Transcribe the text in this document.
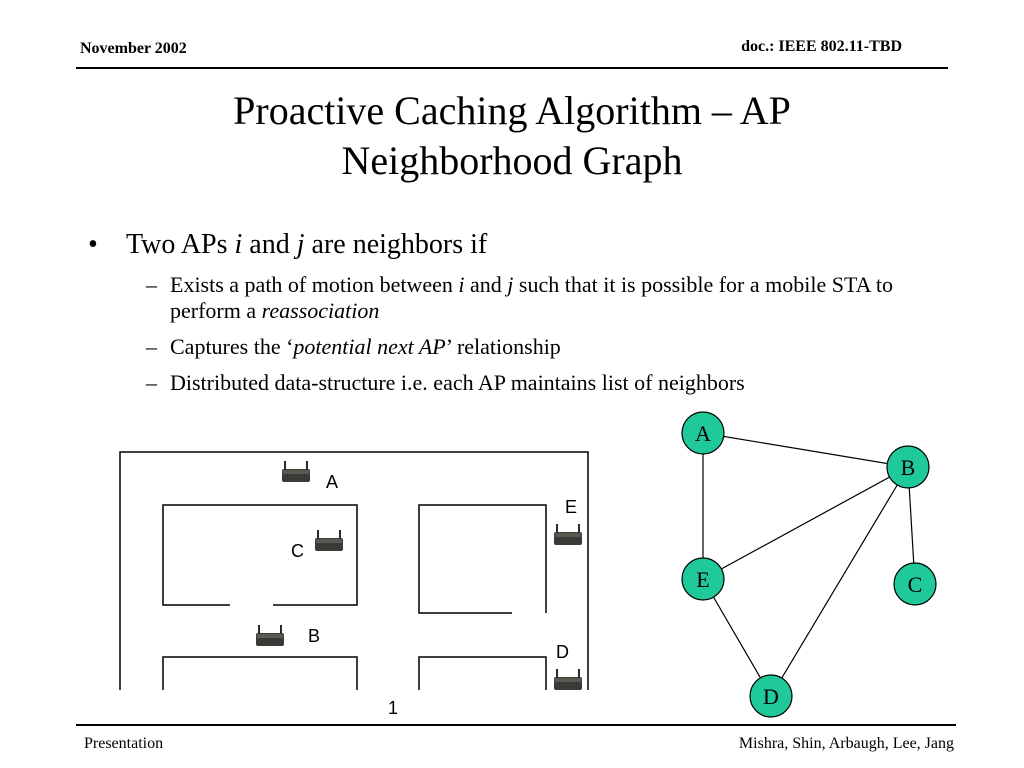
November 2002	doc.: IEEE 802.11-TBD
Proactive Caching Algorithm – AP
Neighborhood Graph
• Two APs i and j are neighbors if
– Exists a path of motion between i and j such that it is possible for a mobile STA to perform a reassociation
– Captures the ‘potential next AP’ relationship
– Distributed data-structure i.e. each AP maintains list of neighbors
A
C
B
E
D
1
A
B
E	C
D
Presentation	Mishra, Shin, Arbaugh, Lee, Jang
